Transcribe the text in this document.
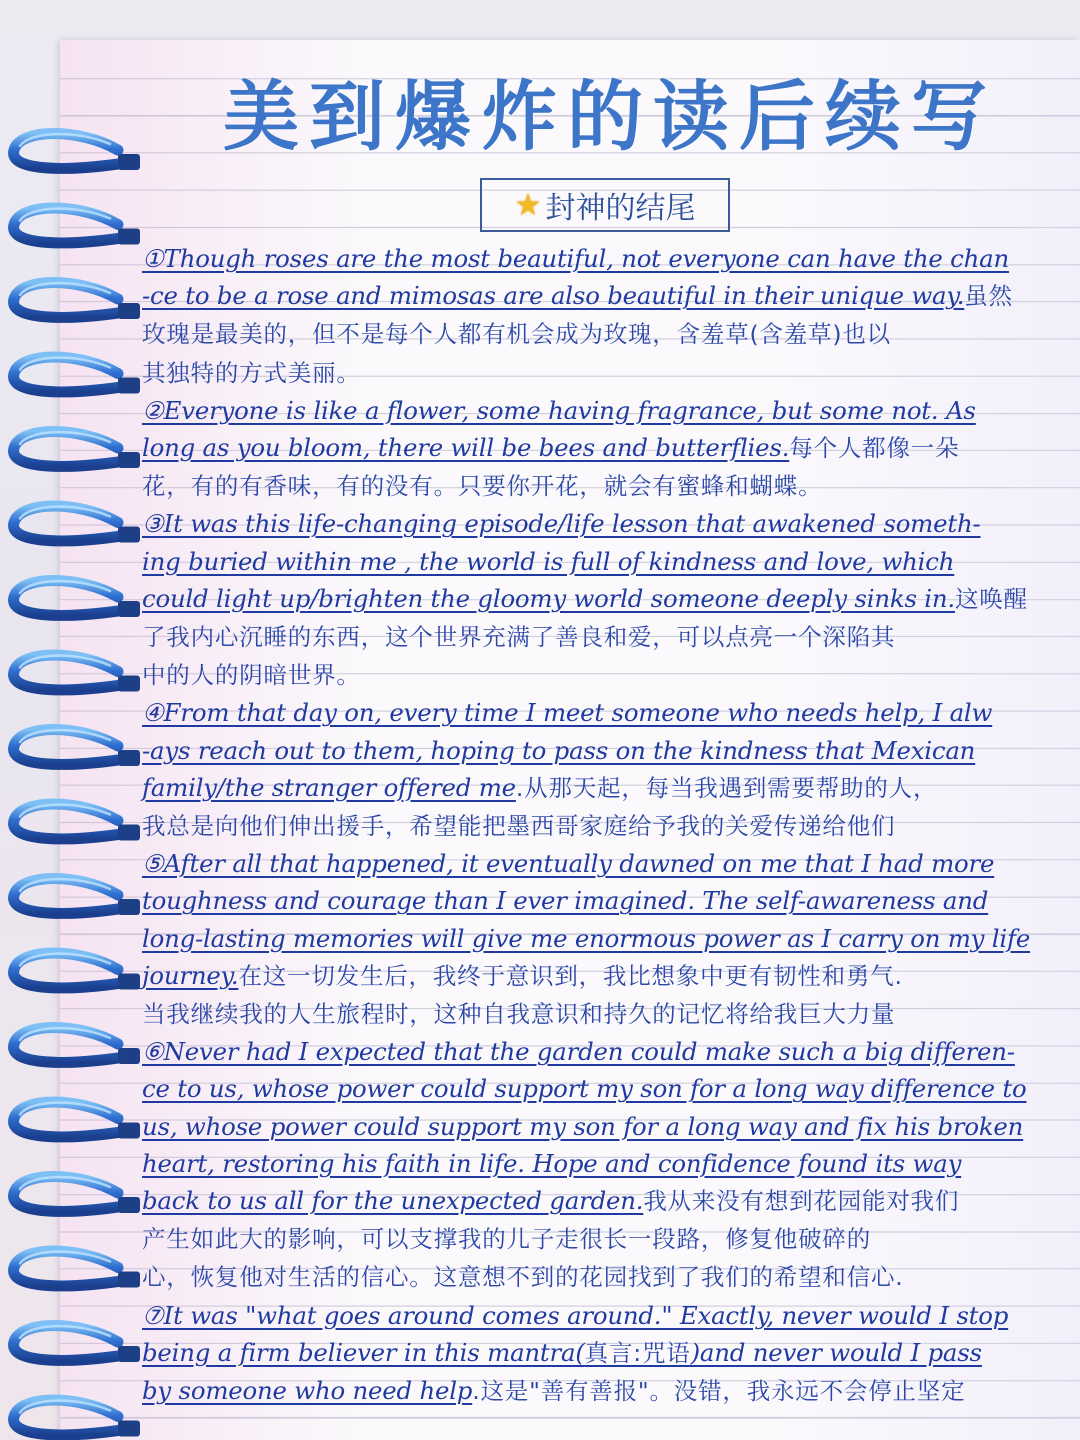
美到爆炸的读后续写
★ 封神的结尾

①Though roses are the most beautiful, not everyone can have the chan

-ce to be a rose and mimosas are also beautiful in their unique way.虽然

玫瑰是最美的，但不是每个人都有机会成为玫瑰，含羞草(含羞草)也以

其独特的方式美丽。

②Everyone is like a flower, some having fragrance, but some not. As

long as you bloom, there will be bees and butterflies.每个人都像一朵

花，有的有香味，有的没有。只要你开花，就会有蜜蜂和蝴蝶。

③It was this life-changing episode/life lesson that awakened someth-

ing buried within me , the world is full of kindness and love, which

could light up/brighten the gloomy world someone deeply sinks in.这唤醒

了我内心沉睡的东西，这个世界充满了善良和爱，可以点亮一个深陷其

中的人的阴暗世界。

④From that day on, every time I meet someone who needs help, I alw

-ays reach out to them, hoping to pass on the kindness that Mexican

family/the stranger offered me.从那天起，每当我遇到需要帮助的人，

我总是向他们伸出援手，希望能把墨西哥家庭给予我的关爱传递给他们

⑤After all that happened, it eventually dawned on me that I had more

toughness and courage than I ever imagined. The self-awareness and

long-lasting memories will give me enormous power as I carry on my life

journey.在这一切发生后，我终于意识到，我比想象中更有韧性和勇气.

当我继续我的人生旅程时，这种自我意识和持久的记忆将给我巨大力量

⑥Never had I expected that the garden could make such a big differen-

ce to us, whose power could support my son for a long way difference to

us, whose power could support my son for a long way and fix his broken

heart, restoring his faith in life. Hope and confidence found its way

back to us all for the unexpected garden.我从来没有想到花园能对我们

产生如此大的影响，可以支撑我的儿子走很长一段路，修复他破碎的

心，恢复他对生活的信心。这意想不到的花园找到了我们的希望和信心.

⑦It was "what goes around comes around." Exactly, never would I stop

being a firm believer in this mantra(真言:咒语)and never would I pass

by someone who need help.这是"善有善报"。没错，我永远不会停止坚定
